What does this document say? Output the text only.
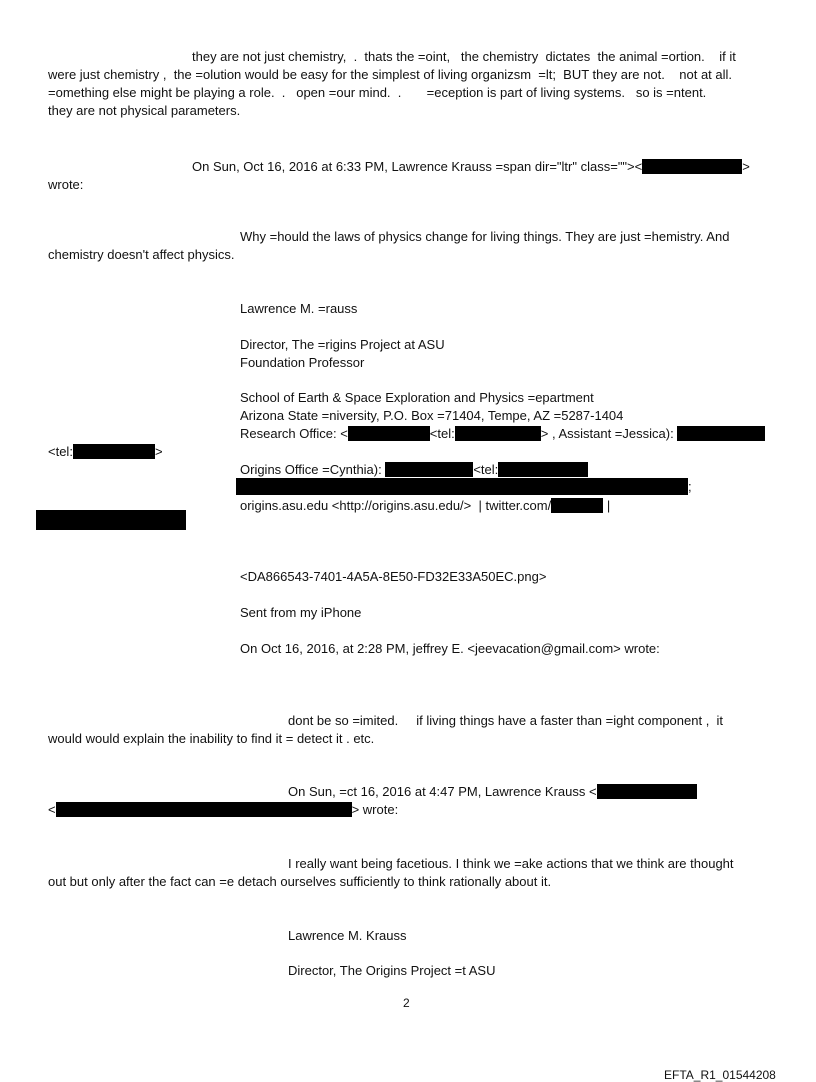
they are not just chemistry,  .  thats the =oint,   the chemistry  dictates  the animal =ortion.    if it

were just chemistry ,  the =olution would be easy for the simplest of living organizsm  =lt;  BUT they are not.    not at all.

=omething else might be playing a role.  .   open =our mind.  .       =eception is part of living systems.   so is =ntent.

they are not physical parameters.

On Sun, Oct 16, 2016 at 6:33 PM, Lawrence Krauss =span dir="ltr" class=""><	>

wrote:

Why =hould the laws of physics change for living things. They are just =hemistry. And

chemistry doesn't affect physics.

Lawrence M. =rauss

Director, The =rigins Project at ASU

Foundation Professor

School of Earth & Space Exploration and Physics =epartment

Arizona State =niversity, P.O. Box =71404, Tempe, AZ =5287-1404

Research Office: <	<tel:	> , Assistant =Jessica):

<tel:	>

Origins Office =Cynthia):	<tel:

;

origins.asu.edu <http://origins.asu.edu/>  | twitter.com/	|

<DA866543-7401-4A5A-8E50-FD32E33A50EC.png>

Sent from my iPhone

On Oct 16, 2016, at 2:28 PM, jeffrey E. <jeevacation@gmail.com> wrote:

dont be so =imited.     if living things have a faster than =ight component ,  it

would would explain the inability to find it = detect it . etc.

On Sun, =ct 16, 2016 at 4:47 PM, Lawrence Krauss <

<	> wrote:

I really want being facetious. I think we =ake actions that we think are thought

out but only after the fact can =e detach ourselves sufficiently to think rationally about it.

Lawrence M. Krauss

Director, The Origins Project =t ASU

2

EFTA_R1_01544208
